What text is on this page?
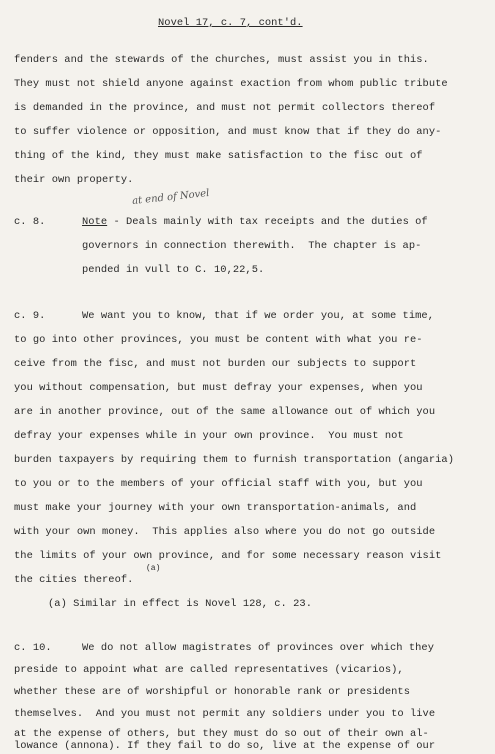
Novel 17, c. 7, cont'd.
fenders and the stewards of the churches, must assist you in this.
They must not shield anyone against exaction from whom public tribute
is demanded in the province, and must not permit collectors thereof
to suffer violence or opposition, and must know that if they do any-
thing of the kind, they must make satisfaction to the fisc out of
their own property.
at end of Novel
c. 8.	Note - Deals mainly with tax receipts and the duties of
governors in connection therewith.  The chapter is ap-
pended in vull to C. 10,22,5.
c. 9.	We want you to know, that if we order you, at some time,
to go into other provinces, you must be content with what you re-
ceive from the fisc, and must not burden our subjects to support
you without compensation, but must defray your expenses, when you
are in another province, out of the same allowance out of which you
defray your expenses while in your own province.  You must not
burden taxpayers by requiring them to furnish transportation (angaria)
to you or to the members of your official staff with you, but you
must make your journey with your own transportation-animals, and
with your own money.  This applies also where you do not go outside
the limits of your own province, and for some necessary reason visit
(a)
the cities thereof.
(a) Similar in effect is Novel 128, c. 23.
c. 10.	We do not allow magistrates of provinces over which they
preside to appoint what are called representatives (vicarios),
whether these are of worshipful or honorable rank or presidents
themselves.  And you must not permit any soldiers under you to live
at the expense of others, but they must do so out of their own al-
lowance (annona). If they fail to do so, live at the expense of our
